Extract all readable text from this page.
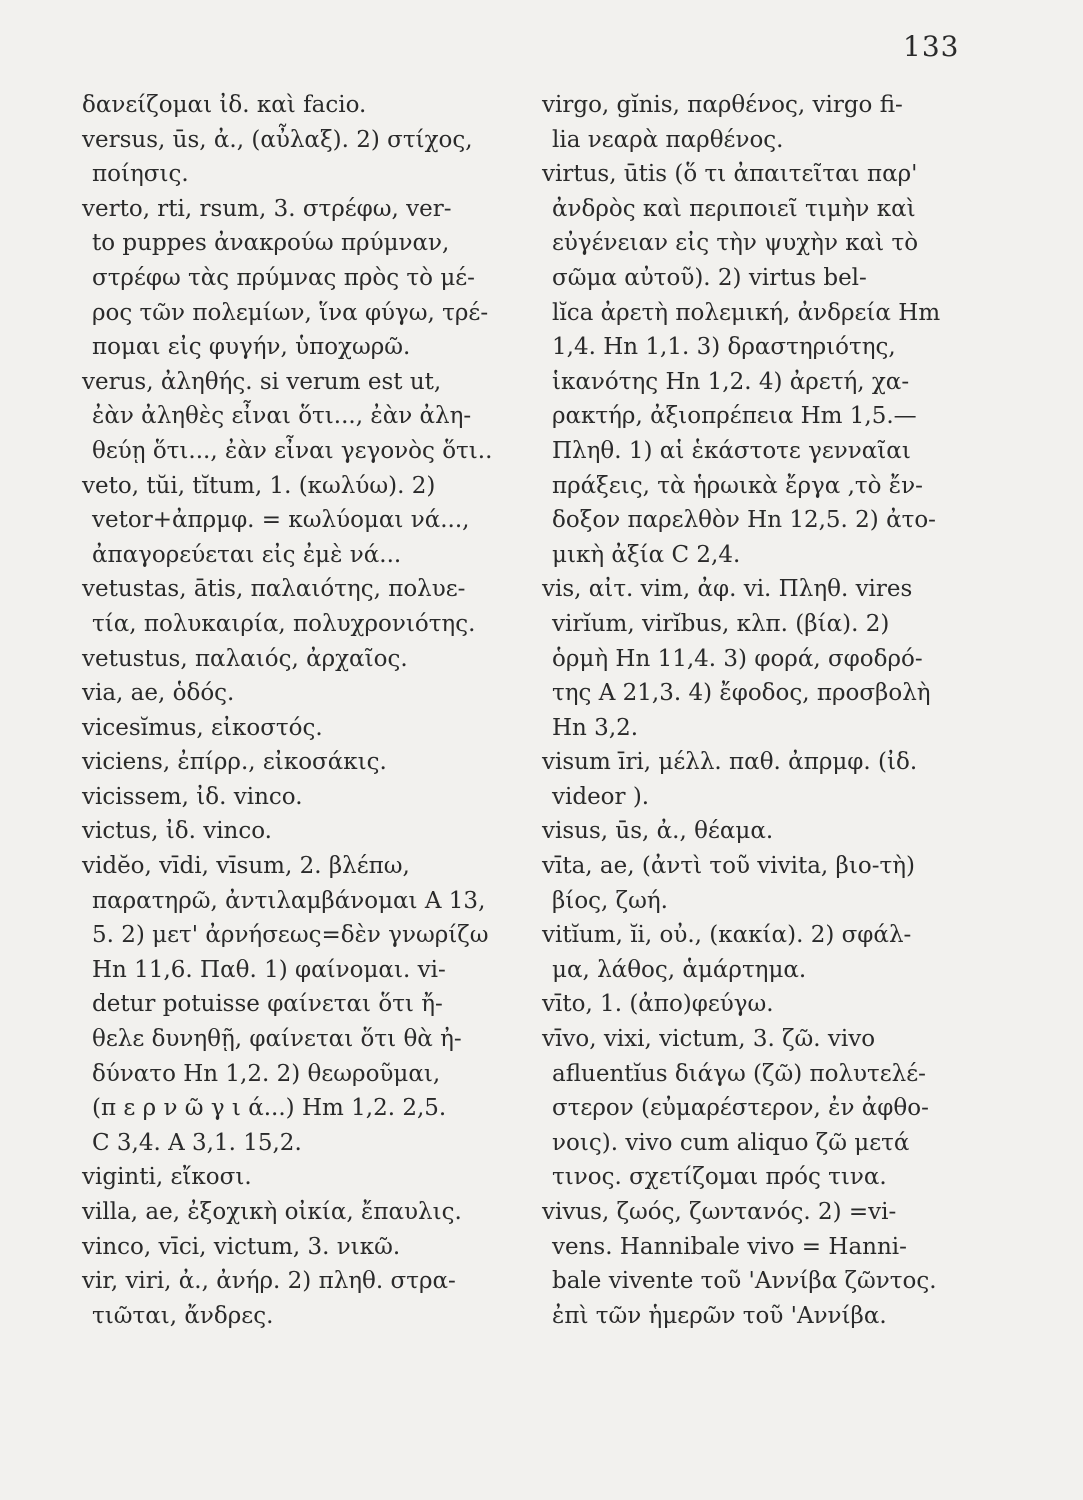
133
δανείζομαι ἰδ. καὶ facio.
versus, ūs, ἀ., (αὖλαξ). 2) στίχος,
ποίησις.
verto, rti, rsum, 3. στρέφω, ver-
to puppes ἀνακρούω πρύμναν,
στρέφω τὰς πρύμνας πρὸς τὸ μέ-
ρος τῶν πολεμίων, ἵνα φύγω, τρέ-
πομαι εἰς φυγήν, ὑποχωρῶ.
verus, ἀληθής. si verum est ut,
ἐὰν ἀληθὲς εἶναι ὅτι..., ἐὰν ἀλη-
θεύῃ ὅτι..., ἐὰν εἶναι γεγονὸς ὅτι..
veto, tŭi, tĭtum, 1. (κωλύω). 2)
vetor+ἀπρμφ. = κωλύομαι νά...,
ἀπαγορεύεται εἰς ἐμὲ νά...
vetustas, ātis, παλαιότης, πολυε-
τία, πολυκαιρία, πολυχρονιότης.
vetustus, παλαιός, ἀρχαῖος.
via, ae, ὁδός.
vicesĭmus, εἰκοστός.
viciens, ἐπίρρ., εἰκοσάκις.
vicissem, ἰδ. vinco.
victus, ἰδ. vinco.
vidĕo, vīdi, vīsum, 2. βλέπω,
παρατηρῶ, ἀντιλαμβάνομαι A 13,
5. 2) μετ' ἀρνήσεως=δὲν γνωρίζω
Hn 11,6. Παθ. 1) φαίνομαι. vi-
detur potuisse φαίνεται ὅτι ἤ-
θελε δυνηθῇ, φαίνεται ὅτι θὰ ἠ-
δύνατο Hn 1,2. 2) θεωροῦμαι,
(π ε ρ ν ῶ γ ι ά...) Hm 1,2. 2,5.
C 3,4. A 3,1. 15,2.
viginti, εἴκοσι.
villa, ae, ἐξοχικὴ οἰκία, ἔπαυλις.
vinco, vīci, victum, 3. νικῶ.
vir, viri, ἀ., ἀνήρ. 2) πληθ. στρα-
τιῶται, ἄνδρες.
virgo, gĭnis, παρθένος, virgo fi-
lia νεαρὰ παρθένος.
virtus, ūtis (ὅ τι ἀπαιτεῖται παρ'
ἀνδρὸς καὶ περιποιεῖ τιμὴν καὶ
εὐγένειαν εἰς τὴν ψυχὴν καὶ τὸ
σῶμα αὐτοῦ). 2) virtus bel-
lĭca ἀρετὴ πολεμική, ἀνδρεία Hm
1,4. Hn 1,1. 3) δραστηριότης,
ἱκανότης Hn 1,2. 4) ἀρετή, χα-
ρακτήρ, ἀξιοπρέπεια Hm 1,5.—
Πληθ. 1) αἱ ἑκάστοτε γενναῖαι
πράξεις, τὰ ἡρωικὰ ἔργα ,τὸ ἔν-
δοξον παρελθὸν Hn 12,5. 2) ἀτο-
μικὴ ἀξία C 2,4.
vis, αἰτ. vim, ἀφ. vi. Πληθ. vires
virĭum, virĭbus, κλπ. (βία). 2)
ὁρμὴ Hn 11,4. 3) φορά, σφοδρό-
της A 21,3. 4) ἔφοδος, προσβολὴ
Hn 3,2.
visum īri, μέλλ. παθ. ἀπρμφ. (ἰδ.
videor ).
visus, ūs, ἀ., θέαμα.
vīta, ae, (ἀντὶ τοῦ vivita, βιο-τὴ)
βίος, ζωή.
vitĭum, ĭi, οὐ., (κακία). 2) σφάλ-
μα, λάθος, ἁμάρτημα.
vīto, 1. (ἀπο)φεύγω.
vīvo, vixi, victum, 3. ζῶ. vivo
afluentĭus διάγω (ζῶ) πολυτελέ-
στερον (εὐμαρέστερον, ἐν ἀφθο-
νοις). vivo cum aliquo ζῶ μετά
τινος. σχετίζομαι πρός τινα.
vivus, ζωός, ζωντανός. 2) =vi-
vens. Hannibale vivo = Hanni-
bale vivente τοῦ 'Αννίβα ζῶντος.
ἐπὶ τῶν ἡμερῶν τοῦ 'Αννίβα.
